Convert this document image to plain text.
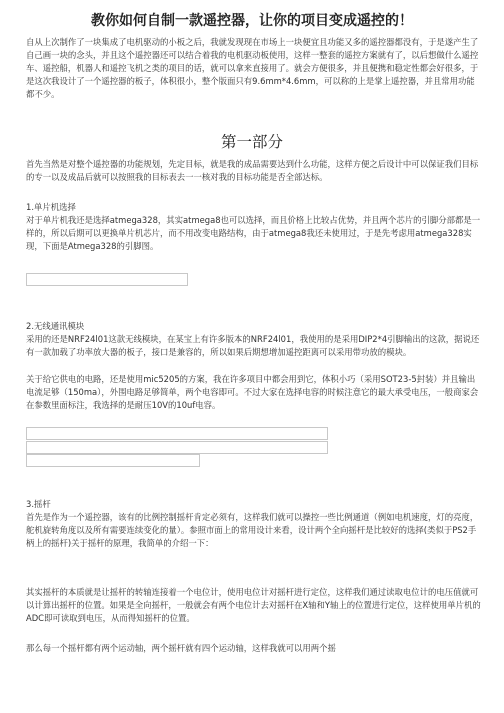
教你如何自制一款遥控器，让你的项目变成遥控的！

自从上次制作了一块集成了电机驱动的小板之后，我就发现现在市场上一块便宜且功能又多的遥控器都没有，于是遂产生了自己画一块的念头，并且这个遥控器还可以结合着我的电机驱动板使用，这样一整套的遥控方案就有了，以后想做什么遥控车、遥控船，机器人和遥控飞机之类的项目的话，就可以拿来直接用了。就会方便很多，并且便携和稳定性都会好很多，于是这次我设计了一个遥控器的板子，体积很小，整个版面只有9.6mm*4.6mm，可以称的上是掌上遥控器，并且常用功能都不少。

第一部分

首先当然是对整个遥控器的功能规划，先定目标，就是我的成品需要达到什么功能，这样方便之后设计中可以保证我们目标的专一以及成品后就可以按照我的目标表去一一核对我的目标功能是否全部达标。

1.单片机选择

对于单片机我还是选择atmega328，其实atmega8也可以选择，而且价格上比较占优势，并且两个芯片的引脚分部都是一样的，所以后期可以更换单片机芯片，而不用改变电路结构，由于atmega8我还未使用过，于是先考虑用atmega328实现，下面是Atmega328的引脚图。

2.无线通讯模块

采用的还是NRF24l01这款无线模块，在某宝上有许多版本的NRF24l01，我使用的是采用DIP2*4引脚输出的这款，据说还有一款加载了功率放大器的板子，接口是兼容的，所以如果后期想增加遥控距离可以采用带功放的模块。

关于给它供电的电路，还是使用mic5205的方案，我在许多项目中都会用到它，体积小巧（采用SOT23-5封装）并且输出电流足够（150ma），外围电路足够简单，两个电容即可。不过大家在选择电容的时候注意它的最大承受电压，一般商家会在参数里面标注，我选择的是耐压10V的10uf电容。

3.摇杆

首先是作为一个遥控器，该有的比例控制摇杆肯定必须有，这样我们就可以操控一些比例通道（例如电机速度，灯的亮度，舵机旋转角度以及所有需要连续变化的量）。参照市面上的常用设计来看，设计两个全向摇杆是比较好的选择(类似于PS2手柄上的摇杆)关于摇杆的原理，我简单的介绍一下：

其实摇杆的本质就是让摇杆的转轴连接着一个电位计，使用电位计对摇杆进行定位，这样我们通过读取电位计的电压值就可以计算出摇杆的位置。如果是全向摇杆，一般就会有两个电位计去对摇杆在X轴和Y轴上的位置进行定位，这样使用单片机的ADC即可读取到电压，从而得知摇杆的位置。

那么每一个摇杆都有两个运动轴，两个摇杆就有四个运动轴，这样我就可以用两个摇
